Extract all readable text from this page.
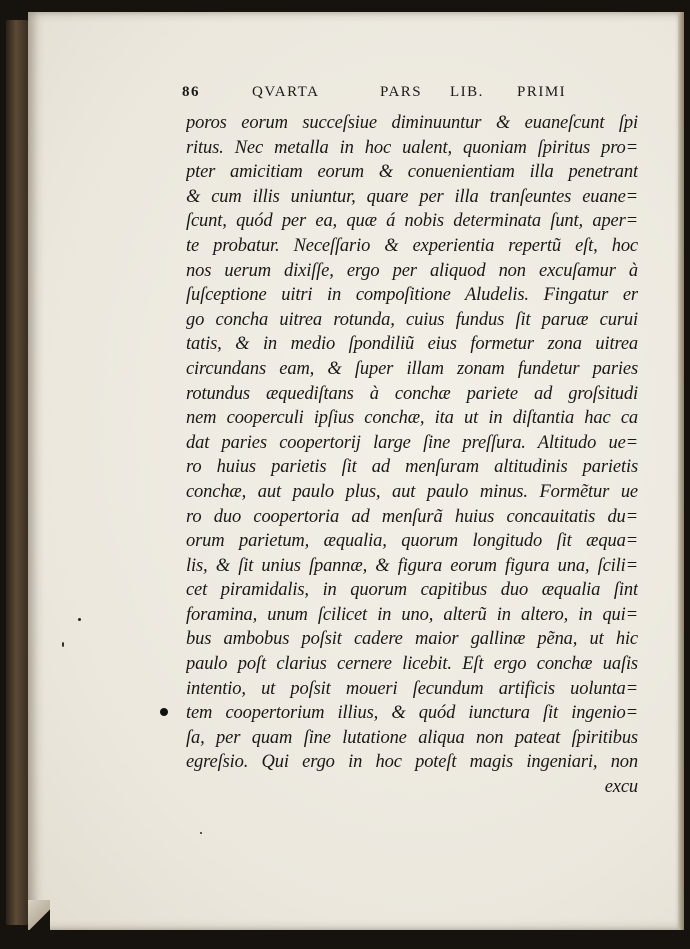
86	QVARTA	PARS LIB. PRIMI
poros eorum succeſsiue diminuuntur & euaneſcunt ſpi
ritus. Nec metalla in hoc ualent, quoniam ſpiritus pro=
pter amicitiam eorum & conuenientiam illa penetrant
& cum illis uniuntur, quare per illa tranſeuntes euane=
ſcunt, quód per ea, quæ á nobis determinata ſunt, aper=
te probatur. Neceſſario & experientia repertũ eſt, hoc
nos uerum dixiſſe, ergo per aliquod non excuſamur à
ſuſceptione uitri in compoſitione Aludelis. Fingatur er
go concha uitrea rotunda, cuius fundus ſit paruæ curui
tatis, & in medio ſpondiliũ eius formetur zona uitrea
circundans eam, & ſuper illam zonam fundetur paries
rotundus æquediſtans à conchæ pariete ad groſsitudi
nem cooperculi ipſius conchæ, ita ut in diſtantia hac ca
dat paries coopertorij large ſine preſſura. Altitudo ue=
ro huius parietis ſit ad menſuram altitudinis parietis
conchæ, aut paulo plus, aut paulo minus. Formẽtur ue
ro duo coopertoria ad menſurã huius concauitatis du=
orum parietum, æqualia, quorum longitudo ſit æqua=
lis, & ſit unius ſpannæ, & figura eorum figura una, ſcili=
cet piramidalis, in quorum capitibus duo æqualia ſint
foramina, unum ſcilicet in uno, alterũ in altero, in qui=
bus ambobus poſsit cadere maior gallinæ pẽna, ut hic
paulo poſt clarius cernere licebit. Eſt ergo conchæ uaſis
intentio, ut poſsit moueri ſecundum artificis uolunta=
tem coopertorium illius, & quód iunctura ſit ingenio=
ſa, per quam ſine lutatione aliqua non pateat ſpiritibus
egreſsio. Qui ergo in hoc poteſt magis ingeniari, non
excu
